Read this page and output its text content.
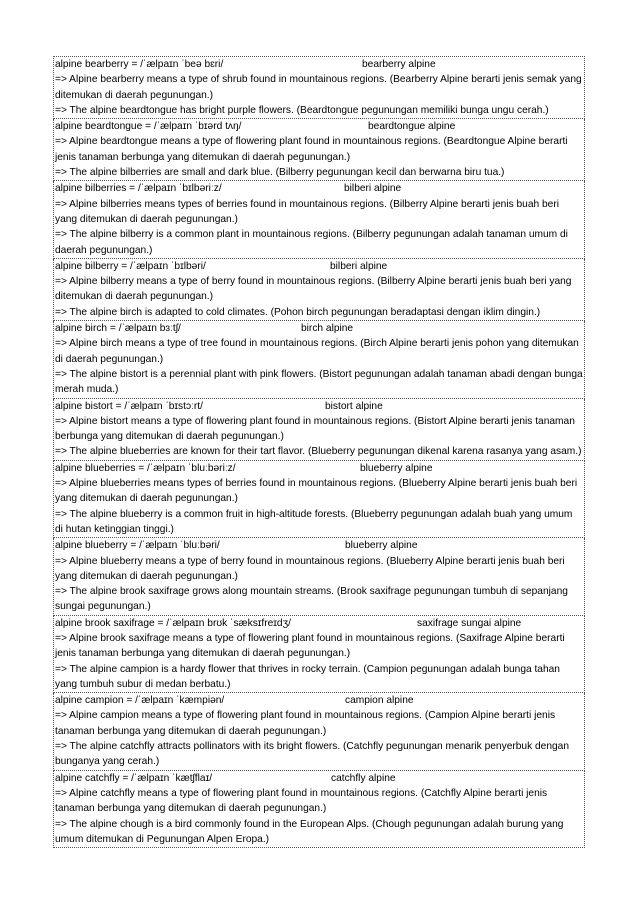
alpine bearberry = /ˈælpaɪn ˈbeə bɛri/	bearberry alpine
=> Alpine bearberry means a type of shrub found in mountainous regions. (Bearberry Alpine berarti jenis semak yang ditemukan di daerah pegunungan.)
=> The alpine beardtongue has bright purple flowers. (Beardtongue pegunungan memiliki bunga ungu cerah.)
alpine beardtongue = /ˈælpaɪn ˈbɪərd tʌŋ/	beardtongue alpine
=> Alpine beardtongue means a type of flowering plant found in mountainous regions. (Beardtongue Alpine berarti jenis tanaman berbunga yang ditemukan di daerah pegunungan.)
=> The alpine bilberries are small and dark blue. (Bilberry pegunungan kecil dan berwarna biru tua.)
alpine bilberries = /ˈælpaɪn ˈbɪlbəriːz/	bilberi alpine
=> Alpine bilberries means types of berries found in mountainous regions. (Bilberry Alpine berarti jenis buah beri yang ditemukan di daerah pegunungan.)
=> The alpine bilberry is a common plant in mountainous regions. (Bilberry pegunungan adalah tanaman umum di daerah pegunungan.)
alpine bilberry = /ˈælpaɪn ˈbɪlbəri/	bilberi alpine
=> Alpine bilberry means a type of berry found in mountainous regions. (Bilberry Alpine berarti jenis buah beri yang ditemukan di daerah pegunungan.)
=> The alpine birch is adapted to cold climates. (Pohon birch pegunungan beradaptasi dengan iklim dingin.)
alpine birch = /ˈælpaɪn bɜːtʃ/	birch alpine
=> Alpine birch means a type of tree found in mountainous regions. (Birch Alpine berarti jenis pohon yang ditemukan di daerah pegunungan.)
=> The alpine bistort is a perennial plant with pink flowers. (Bistort pegunungan adalah tanaman abadi dengan bunga merah muda.)
alpine bistort = /ˈælpaɪn ˈbɪstɔːrt/	bistort alpine
=> Alpine bistort means a type of flowering plant found in mountainous regions. (Bistort Alpine berarti jenis tanaman berbunga yang ditemukan di daerah pegunungan.)
=> The alpine blueberries are known for their tart flavor. (Blueberry pegunungan dikenal karena rasanya yang asam.)
alpine blueberries = /ˈælpaɪn ˈbluːbəriːz/	blueberry alpine
=> Alpine blueberries means types of berries found in mountainous regions. (Blueberry Alpine berarti jenis buah beri yang ditemukan di daerah pegunungan.)
=> The alpine blueberry is a common fruit in high-altitude forests. (Blueberry pegunungan adalah buah yang umum di hutan ketinggian tinggi.)
alpine blueberry = /ˈælpaɪn ˈbluːbəri/	blueberry alpine
=> Alpine blueberry means a type of berry found in mountainous regions. (Blueberry Alpine berarti jenis buah beri yang ditemukan di daerah pegunungan.)
=> The alpine brook saxifrage grows along mountain streams. (Brook saxifrage pegunungan tumbuh di sepanjang sungai pegunungan.)
alpine brook saxifrage = /ˈælpaɪn brʊk ˈsæksɪfreɪdʒ/	saxifrage sungai alpine
=> Alpine brook saxifrage means a type of flowering plant found in mountainous regions. (Saxifrage Alpine berarti jenis tanaman berbunga yang ditemukan di daerah pegunungan.)
=> The alpine campion is a hardy flower that thrives in rocky terrain. (Campion pegunungan adalah bunga tahan yang tumbuh subur di medan berbatu.)
alpine campion = /ˈælpaɪn ˈkæmpiən/	campion alpine
=> Alpine campion means a type of flowering plant found in mountainous regions. (Campion Alpine berarti jenis tanaman berbunga yang ditemukan di daerah pegunungan.)
=> The alpine catchfly attracts pollinators with its bright flowers. (Catchfly pegunungan menarik penyerbuk dengan bunganya yang cerah.)
alpine catchfly = /ˈælpaɪn ˈkætʃflaɪ/	catchfly alpine
=> Alpine catchfly means a type of flowering plant found in mountainous regions. (Catchfly Alpine berarti jenis tanaman berbunga yang ditemukan di daerah pegunungan.)
=> The alpine chough is a bird commonly found in the European Alps. (Chough pegunungan adalah burung yang umum ditemukan di Pegunungan Alpen Eropa.)
